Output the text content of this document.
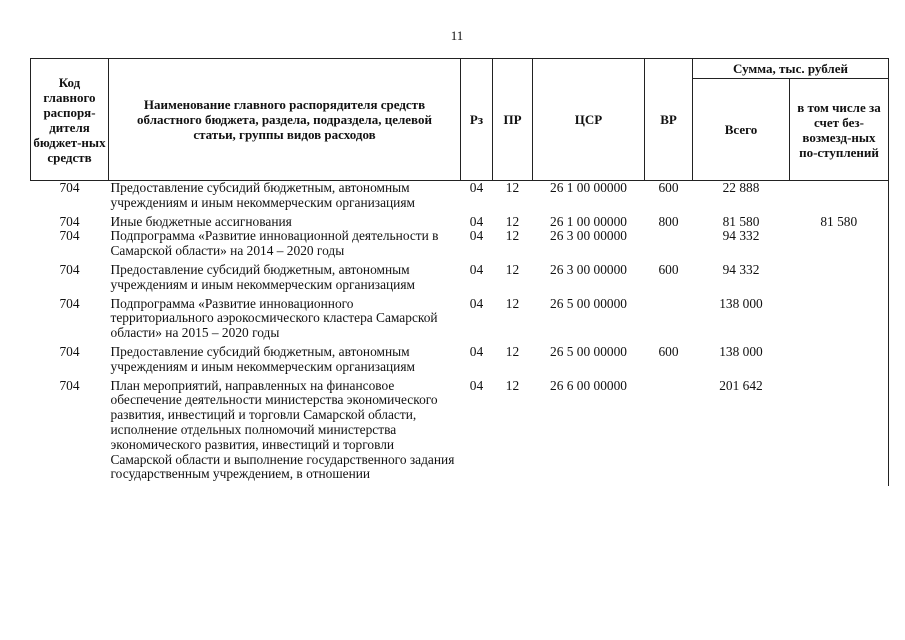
11
Код главного распоря-дителя бюджет-ных средств	Наименование главного распорядителя средств областного бюджета, раздела, подраздела, целевой статьи, группы видов расходов	Рз	ПР	ЦСР	ВР	Сумма, тыс. рублей	
						Всего	в том числе за счет без-возмезд-ных по-ступлений
704	Предоставление субсидий бюджетным, автономным учреждениям и иным некоммерческим организациям	04	12	26 1 00 00000	600	22 888	
704	Иные бюджетные ассигнования	04	12	26 1 00 00000	800	81 580	81 580
704	Подпрограмма «Развитие инновационной деятельности в Самарской области» на 2014 – 2020 годы	04	12	26 3 00 00000		94 332	
704	Предоставление субсидий бюджетным, автономным учреждениям и иным некоммерческим организациям	04	12	26 3 00 00000	600	94 332	
704	Подпрограмма «Развитие инновационного территориального аэрокосмического кластера Самарской области» на 2015 – 2020 годы	04	12	26 5 00 00000		138 000	
704	Предоставление субсидий бюджетным, автономным учреждениям и иным некоммерческим организациям	04	12	26 5 00 00000	600	138 000	
704	План мероприятий, направленных на финансовое обеспечение деятельности министерства экономического развития, инвестиций и торговли Самарской области, исполнение отдельных полномочий министерства экономического развития, инвестиций и торговли Самарской области и выполнение государственного задания государственным учреждением, в отношении	04	12	26 6 00 00000		201 642	
